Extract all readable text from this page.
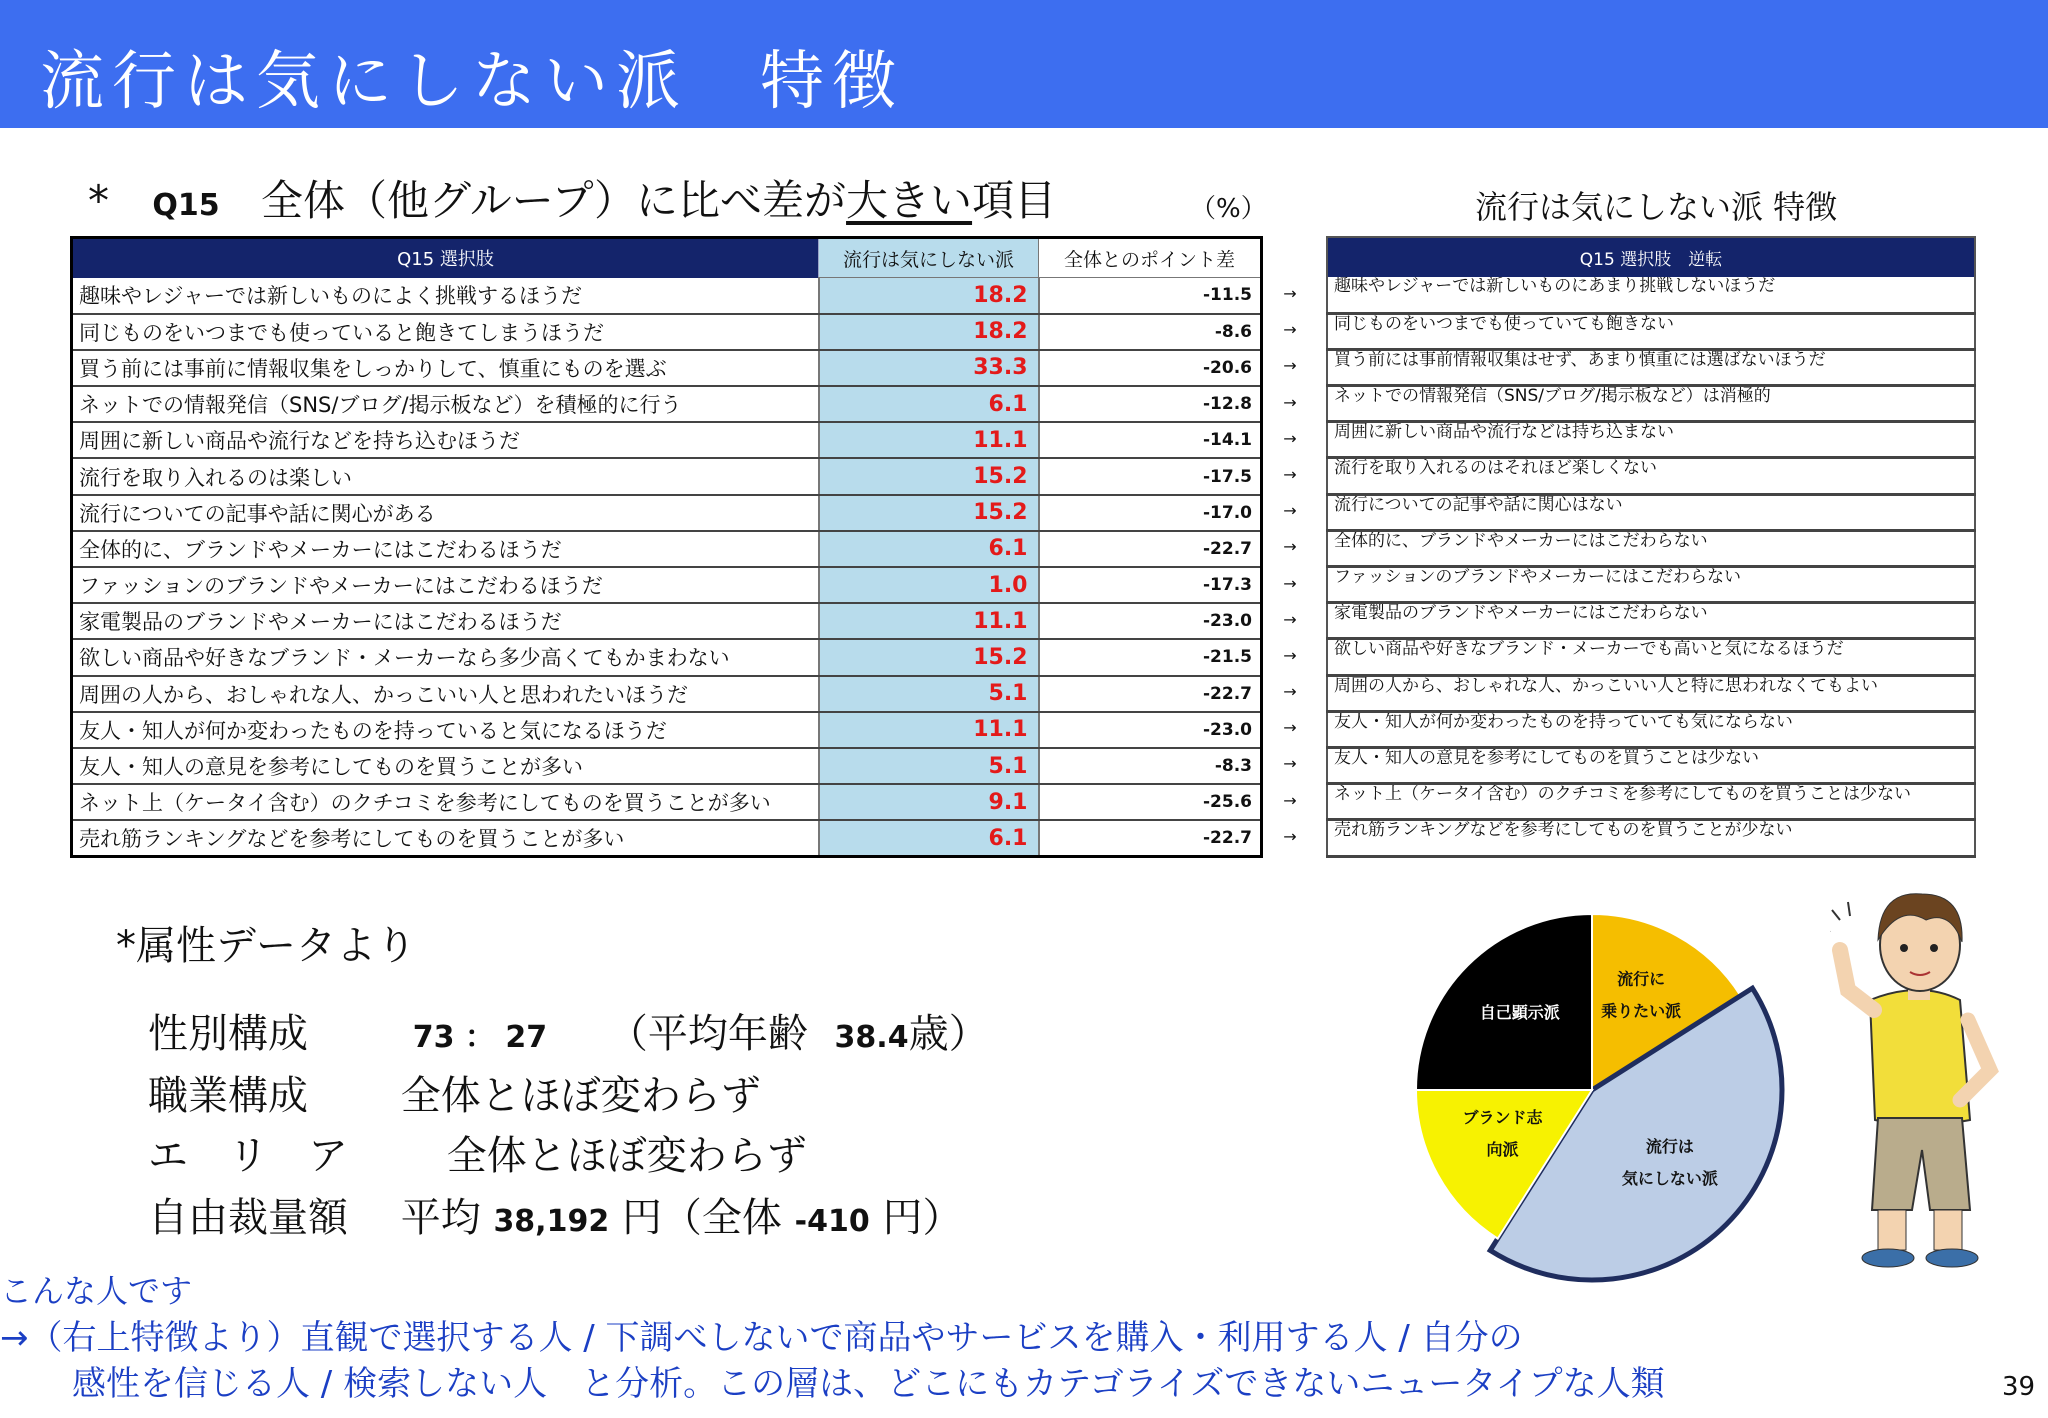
流行は気にしない派　特徴
* Q15 全体（他グループ）に比べ差が大きい項目	（%）	流行は気にしない派 特徴
Q15 選択肢	流行は気にしない派	全体とのポイント差
趣味やレジャーでは新しいものによく挑戦するほうだ	18.2	-11.5
同じものをいつまでも使っていると飽きてしまうほうだ	18.2	-8.6
買う前には事前に情報収集をしっかりして、慎重にものを選ぶ	33.3	-20.6
ネットでの情報発信（SNS/ブログ/掲示板など）を積極的に行う	6.1	-12.8
周囲に新しい商品や流行などを持ち込むほうだ	11.1	-14.1
流行を取り入れるのは楽しい	15.2	-17.5
流行についての記事や話に関心がある	15.2	-17.0
全体的に、ブランドやメーカーにはこだわるほうだ	6.1	-22.7
ファッションのブランドやメーカーにはこだわるほうだ	1.0	-17.3
家電製品のブランドやメーカーにはこだわるほうだ	11.1	-23.0
欲しい商品や好きなブランド・メーカーなら多少高くてもかまわない	15.2	-21.5
周囲の人から、おしゃれな人、かっこいい人と思われたいほうだ	5.1	-22.7
友人・知人が何か変わったものを持っていると気になるほうだ	11.1	-23.0
友人・知人の意見を参考にしてものを買うことが多い	5.1	-8.3
ネット上（ケータイ含む）のクチコミを参考にしてものを買うことが多い	9.1	-25.6
売れ筋ランキングなどを参考にしてものを買うことが多い	6.1	-22.7
→
→
→
→
→
→
→
→
→
→
→
→
→
→
→
→
Q15 選択肢　逆転
趣味やレジャーでは新しいものにあまり挑戦しないほうだ
同じものをいつまでも使っていても飽きない
買う前には事前情報収集はせず、あまり慎重には選ばないほうだ
ネットでの情報発信（SNS/ブログ/掲示板など）は消極的
周囲に新しい商品や流行などは持ち込まない
流行を取り入れるのはそれほど楽しくない
流行についての記事や話に関心はない
全体的に、ブランドやメーカーにはこだわらない
ファッションのブランドやメーカーにはこだわらない
家電製品のブランドやメーカーにはこだわらない
欲しい商品や好きなブランド・メーカーでも高いと気になるほうだ
周囲の人から、おしゃれな人、かっこいい人と特に思われなくてもよい
友人・知人が何か変わったものを持っていても気にならない
友人・知人の意見を参考にしてものを買うことは少ない
ネット上（ケータイ含む）のクチコミを参考にしてものを買うことは少ない
売れ筋ランキングなどを参考にしてものを買うことが少ない
*属性データより
性別構成	73 ： 27 （平均年齢 38.4歳）
職業構成 全体とほぼ変わらず
エ　リ　ア 全体とほぼ変わらず
自由裁量額 平均 38,192 円（全体 -410 円）
流行に乗りたい派
流行は気にしない派
ブランド志向派
自己顕示派
こんな人です
→（右上特徴より）直観で選択する人 / 下調べしないで商品やサービスを購入・利用する人 / 自分の
感性を信じる人 / 検索しない人　と分析。この層は、どこにもカテゴライズできないニュータイプな人類	39
